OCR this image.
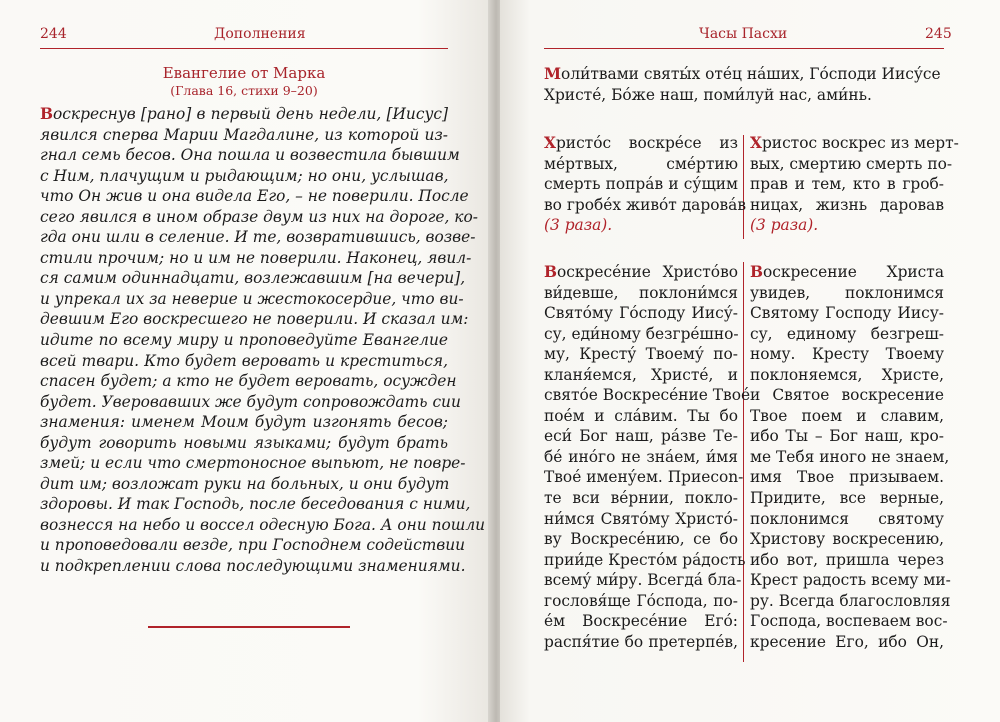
244	Дополнения
Евангелие от Марка
(Глава 16, стихи 9–20)
Воскреснув [рано] в первый день недели, [Иисус]
явился сперва Марии Магдалине, из которой из-
гнал семь бесов. Она пошла и возвестила бывшим
с Ним, плачущим и рыдающим; но они, услышав,
что Он жив и она видела Его, – не поверили. После
сего явился в ином образе двум из них на дороге, ко-
гда они шли в селение. И те, возвратившись, возве-
стили прочим; но и им не поверили. Наконец, явил-
ся самим одиннадцати, возлежавшим [на вечери],
и упрекал их за неверие и жестокосердие, что ви-
девшим Его воскресшего не поверили. И сказал им:
идите по всему миру и проповедуйте Евангелие
всей твари. Кто будет веровать и креститься,
спасен будет; а кто не будет веровать, осужден
будет. Уверовавших же будут сопровождать сии
знамения: именем Моим будут изгонять бесов;
будут говорить новыми языками; будут брать
змей; и если что смертоносное выпьют, не повре-
дит им; возложат руки на больных, и они будут
здоровы. И так Господь, после беседования с ними,
вознесся на небо и воссел одесную Бога. А они пошли
и проповедовали везде, при Господнем содействии
и подкреплении слова последующими знамениями.
Часы Пасхи	245
Моли́твами святы́х оте́ц на́ших, Го́споди Иису́се
Христе́, Бо́же наш, поми́луй нас, ами́нь.
Христо́с воскре́се из
ме́ртвых, сме́ртию
смерть попра́в и су́щим
во гробе́х живо́т дарова́в
(3 раза).
Христос воскрес из мерт-
вых, смертию смерть по-
прав и тем, кто в гроб-
ницах, жизнь даровав
(3 раза).
Воскресе́ние Христо́во
ви́девше, поклони́мся
Свято́му Го́споду Иису́-
су, еди́ному безгре́шно-
му, Кресту́ Твоему́ по-
кланя́емся, Христе́, и
свято́е Воскресе́ние Твое́
пое́м и сла́вим. Ты бо
еси́ Бог наш, ра́зве Те-
бе́ ино́го не зна́ем, и́мя
Твое́ имену́ем. Приecon-
те вси ве́рнии, покло-
ни́мся Свято́му Христо́-
ву Воскресе́нию, се бо
прии́де Кресто́м ра́дость
всему́ ми́ру. Всегда́ бла-
гословя́ще Го́спода, по-
е́м Воскресе́ние Его́:
распя́тие бо претерпе́в,
Воскресение Христа
увидев, поклонимся
Святому Господу Иису-
су, единому безгреш-
ному. Кресту Твоему
поклоняемся, Христе,
и Святое воскресение
Твое поем и славим,
ибо Ты – Бог наш, кро-
ме Тебя иного не знаем,
имя Твое призываем.
Придите, все верные,
поклонимся святому
Христову воскресению,
ибо вот, пришла через
Крест радость всему ми-
ру. Всегда благословляя
Господа, воспеваем вос-
кресение Его, ибо Он,
